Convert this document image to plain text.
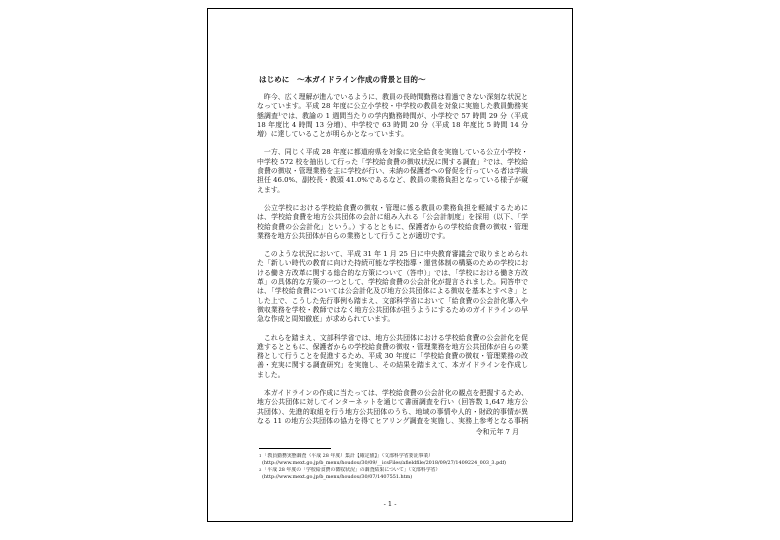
はじめに　～本ガイドライン作成の背景と目的～

昨今、広く理解が進んでいるように、教員の長時間勤務は看過できない深刻な状況となっています。平成 28 年度に公立小学校・中学校の教員を対象に実施した教員勤務実態調査¹では、教諭の 1 週間当たりの学内勤務時間が、小学校で 57 時間 29 分（平成 18 年度比 4 時間 13 分増）、中学校で 63 時間 20 分（平成 18 年度比 5 時間 14 分増）に達していることが明らかとなっています。

一方、同じく平成 28 年度に都道府県を対象に完全給食を実施している公立小学校・中学校 572 校を抽出して行った「学校給食費の徴収状況に関する調査」²では、学校給食費の徴収・管理業務を主に学校が行い、未納の保護者への督促を行っている者は学級担任 46.0%、副校長・教頭 41.0%であるなど、教員の業務負担となっている様子が窺えます。

公立学校における学校給食費の徴収・管理に係る教員の業務負担を軽減するためには、学校給食費を地方公共団体の会計に組み入れる「公会計制度」を採用（以下、「学校給食費の公会計化」という。）するとともに、保護者からの学校給食費の徴収・管理業務を地方公共団体が自らの業務として行うことが適切です。

このような状況において、平成 31 年 1 月 25 日に中央教育審議会で取りまとめられた「新しい時代の教育に向けた持続可能な学校指導・運営体制の構築のための学校における働き方改革に関する総合的な方策について（答申）」では、「学校における働き方改革」の具体的な方策の一つとして、学校給食費の公会計化が提言されました。同答申では、「学校給食費については公会計化及び地方公共団体による徴収を基本とすべき」とした上で、こうした先行事例も踏まえ、文部科学省において「給食費の公会計化導入や徴収業務を学校・教師ではなく地方公共団体が担うようにするためのガイドラインの早急な作成と周知徹底」が求められています。

これらを踏まえ、文部科学省では、地方公共団体における学校給食費の公会計化を促進するとともに、保護者からの学校給食費の徴収・管理業務を地方公共団体が自らの業務として行うことを促進するため、平成 30 年度に「学校給食費の徴収・管理業務の改善・充実に関する調査研究」を実施し、その結果を踏まえて、本ガイドラインを作成しました。

本ガイドラインの作成に当たっては、学校給食費の公会計化の観点を把握するため、地方公共団体に対してインターネットを通じて書面調査を行い（回答数 1,647 地方公共団体）、先進的取組を行う地方公共団体のうち、地域の事情や人的・財政的事情が異なる 11 の地方公共団体の協力を得てヒアリング調査を実施し、実務上参考となる事柄

令和元年 7 月
$^1$「教員勤務実態調査（平成 28 年度）集計【確定値】」（文部科学省委託事業）
(http://www.mext.go.jp/b_menu/houdou/30/09/__icsFiles/afieldfile/2018/09/27/1409224_003_3.pdf)
$^2$「平成 28 年度の「学校給食費の徴収状況」の調査結果について」（文部科学省）
(http://www.mext.go.jp/b_menu/houdou/30/07/1407551.htm)
- 1 -
